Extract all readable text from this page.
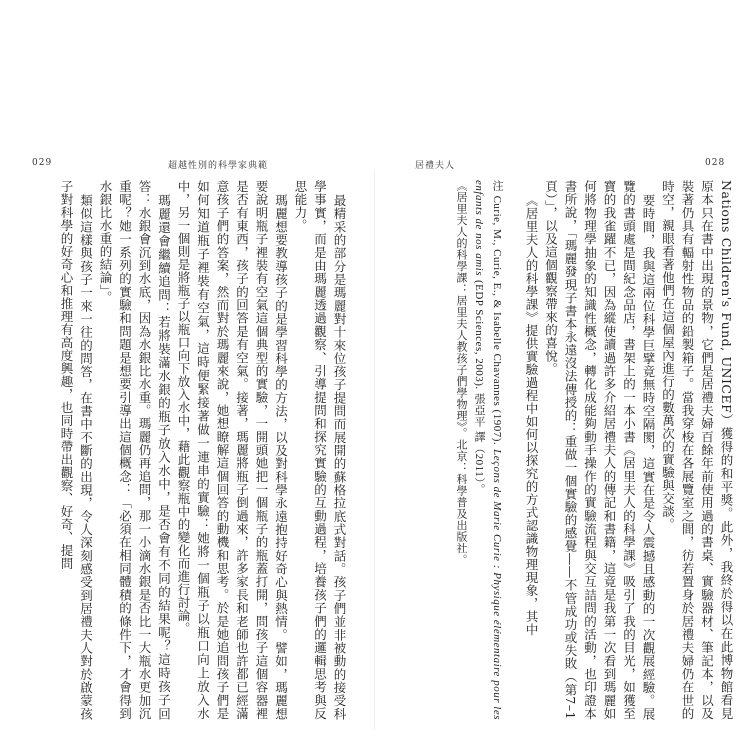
029	超越性別的科學家典範

最精采的部分是瑪麗對十來位孩子提問而展開的蘇格拉底式對話。孩子們並非被動的接受科學事實，而是由瑪麗透過觀察、引導提問和探究實驗的互動過程，培養孩子們的邏輯思考與反思能力。

瑪麗想要教導孩子的是學習科學的方法，以及對科學永遠抱持好奇心與熱情。譬如，瑪麗想要說明瓶子裡裝有空氣這個典型的實驗，一開頭她把一個瓶子的瓶蓋打開，問孩子這個容器裡是否有東西，孩子的回答是有空氣。接著，瑪麗將瓶子倒過來，許多家長和老師也許都已經滿意孩子們的答案，然而對於瑪麗來說，她想瞭解這個回答的動機和思考。於是她追問孩子們是如何知道瓶子裡裝有空氣，這時便緊接著做一連串的實驗：她將一個瓶子以瓶口向上放入水中，另一個則是將瓶子以瓶口向下放入水中，藉此觀察瓶中的變化而進行討論。

瑪麗還會繼續追問：若將裝滿水銀的瓶子放入水中，是否會有不同的結果呢？這時孩子回答：水銀會沉到水底，因為水銀比水重。瑪麗仍再追問，那一小滴水銀是否比一大瓶水更加沉重呢？她一系列的實驗和問題是想要引導出這個概念：「必須在相同體積的條件下，才會得到水銀比水重的結論」。

類似這樣與孩子一來一往的問答，在書中不斷的出現，令人深刻感受到居禮夫人對於啟蒙孩子對科學的好奇心和推理有高度興趣，也同時帶出觀察、好奇、提問

居禮夫人	028

Nations Children's Fund, UNICEF）獲得的和平獎。此外，我終於得以在此博物館看見原本只在書中出現的景物，它們是居禮夫婦百餘年前使用過的書桌、實驗器材、筆記本，以及裝著仍具有輻射性物品的鉛製箱子。當我穿梭在各展覽室之間，彷若置身於居禮夫婦仍在世的時空，親眼看著他們在這個屋內進行的數萬次的實驗與交談。

要時間，我與這兩位科學巨擘竟無時空隔閡，這實在是令人震撼且感動的一次觀展經驗。展覽的書頭處是間紀念品店，書架上的一本小書《居里夫人的科學課》吸引了我的目光，如獲至寶的我雀躍不已，因為縱使讀過許多介紹居禮夫人的傳記和書籍，這竟是我第一次看到瑪麗如何將物理學抽象的知識性概念，轉化成能夠動手操作的實驗流程與交互詰問的活動，也印證本書所說，「瑪麗發現子書本永遠沒法傳授的：重做一個實驗的感覺——不管成功或失敗（第7–1頁）」，以及這個觀察帶來的喜悅。

《居里夫人的科學課》提供實驗過程中如何以探究的方式認識物理現象，其中

注 Curie, M., Curie, E., & Isabelle Chavannes (1907). Leçons de Marie Curie : Physique élémentaire pour les enfants de nos amis (EDP Sciences, 2003). 張亞平 譯（2011）。

《居里夫人的科學課：居里夫人教孩子們學物理》。北京：科學普及出版社。
